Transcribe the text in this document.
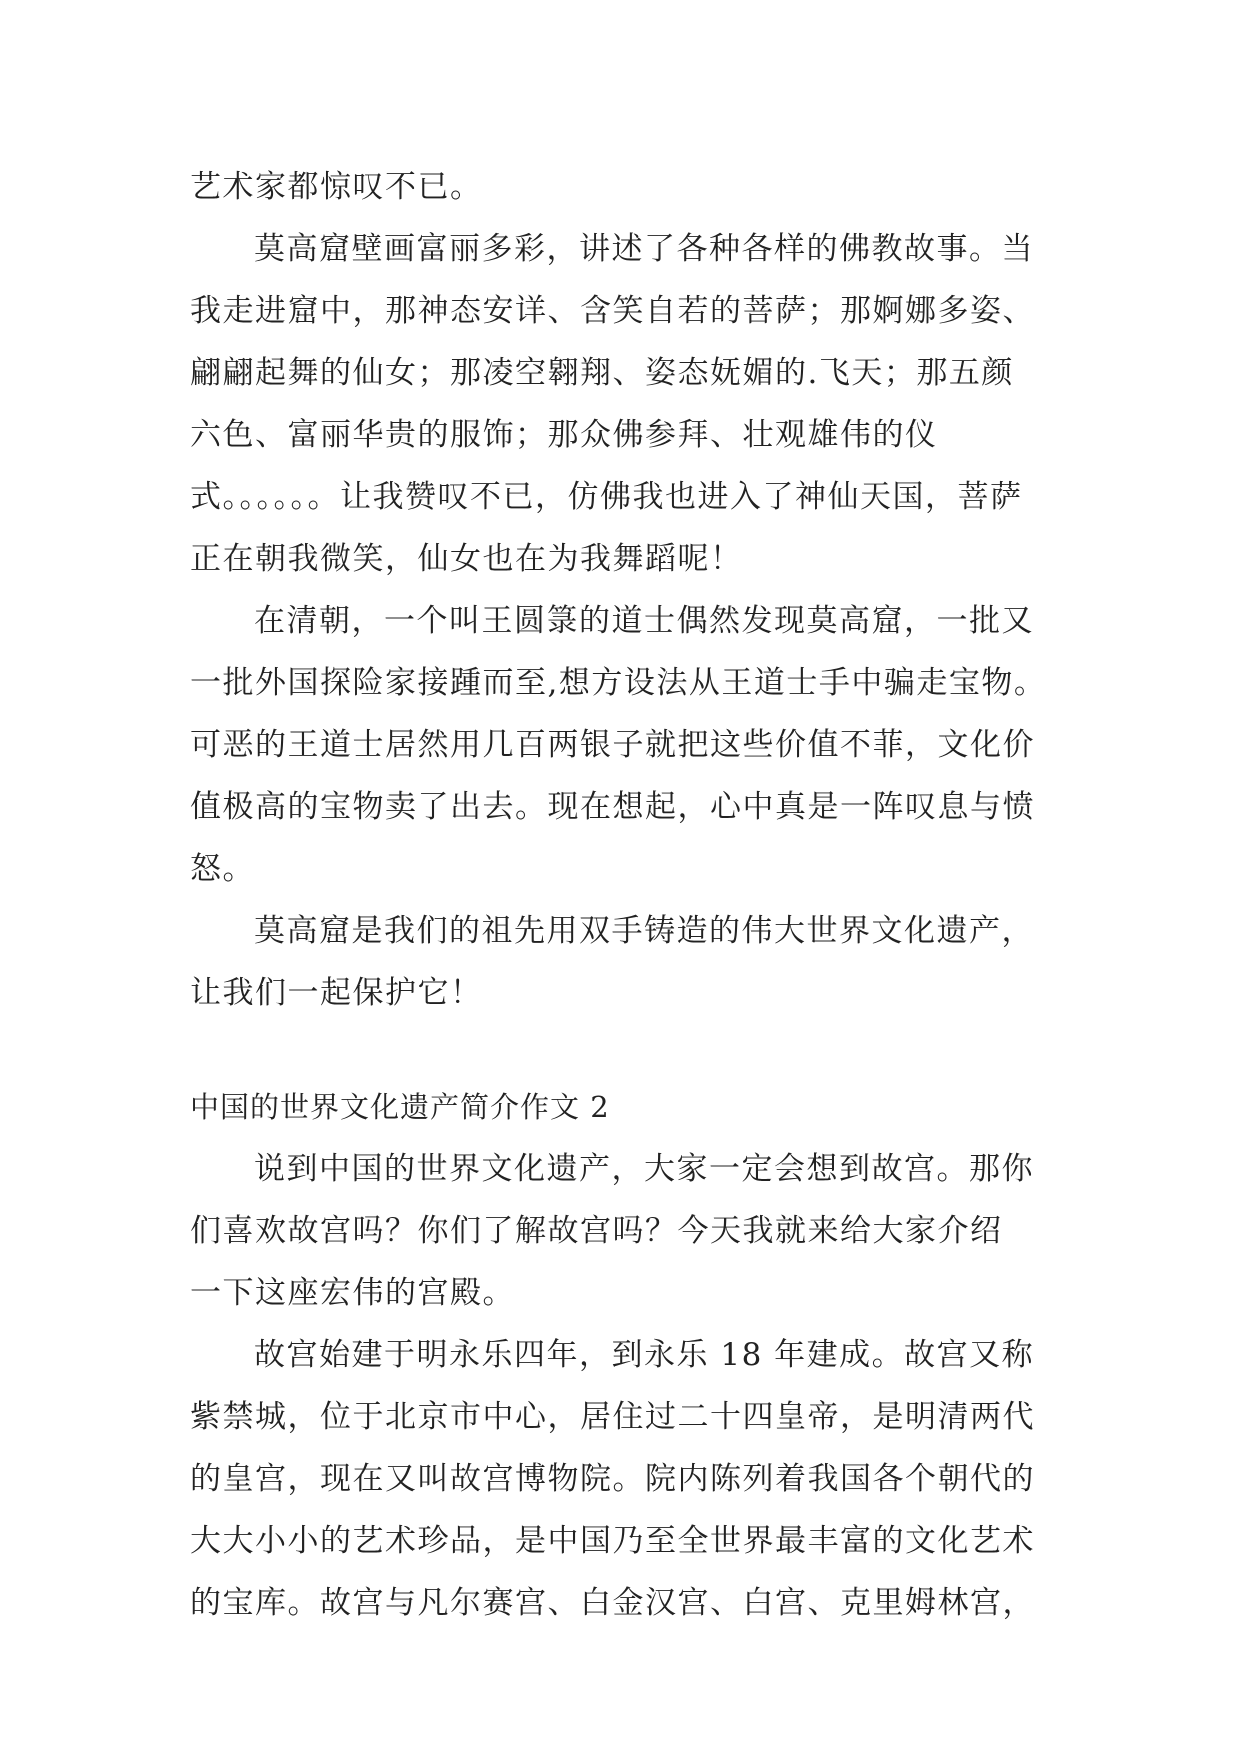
艺术家都惊叹不已。
莫高窟壁画富丽多彩，讲述了各种各样的佛教故事。当
我走进窟中，那神态安详、含笑自若的菩萨；那婀娜多姿、
翩翩起舞的仙女；那凌空翱翔、姿态妩媚的.飞天；那五颜
六色、富丽华贵的服饰；那众佛参拜、壮观雄伟的仪
式。。。。。。让我赞叹不已，仿佛我也进入了神仙天国，菩萨
正在朝我微笑，仙女也在为我舞蹈呢！
在清朝，一个叫王圆箓的道士偶然发现莫高窟，一批又
一批外国探险家接踵而至,想方设法从王道士手中骗走宝物。
可恶的王道士居然用几百两银子就把这些价值不菲，文化价
值极高的宝物卖了出去。现在想起，心中真是一阵叹息与愤
怒。
莫高窟是我们的祖先用双手铸造的伟大世界文化遗产，
让我们一起保护它！
中国的世界文化遗产简介作文 2
说到中国的世界文化遗产，大家一定会想到故宫。那你
们喜欢故宫吗？你们了解故宫吗？今天我就来给大家介绍
一下这座宏伟的宫殿。
故宫始建于明永乐四年，到永乐 18 年建成。故宫又称
紫禁城，位于北京市中心，居住过二十四皇帝，是明清两代
的皇宫，现在又叫故宫博物院。院内陈列着我国各个朝代的
大大小小的艺术珍品，是中国乃至全世界最丰富的文化艺术
的宝库。故宫与凡尔赛宫、白金汉宫、白宫、克里姆林宫，
